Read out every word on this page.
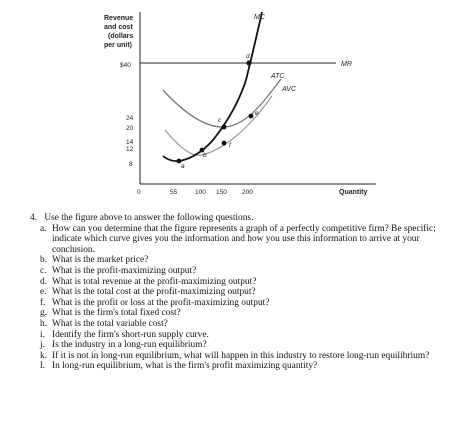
Revenue
and cost
(dollars
per unit)
Quantity
$40
24
20
14
12
8
0	55	100 150 200
MR
AVC
ATC
MC
a
b
c
d
e
f
4. Use the figure above to answer the following questions.
a. How can you determine that the figure represents a graph of a perfectly competitive firm? Be specific; indicate which curve gives you the information and how you use this information to arrive at your conclusion.
b. What is the market price?
c. What is the profit-maximizing output?
d. What is total revenue at the profit-maximizing output?
e. What is the total cost at the profit-maximizing output?
f. What is the profit or loss at the profit-maximizing output?
g. What is the firm's total fixed cost?
h. What is the total variable cost?
i. Identify the firm's short-run supply curve.
j. Is the industry in a long-run equilibrium?
k. If it is not in long-run equilibrium, what will happen in this industry to restore long-run equilibrium?
l. In long-run equilibrium, what is the firm's profit maximizing quantity?
